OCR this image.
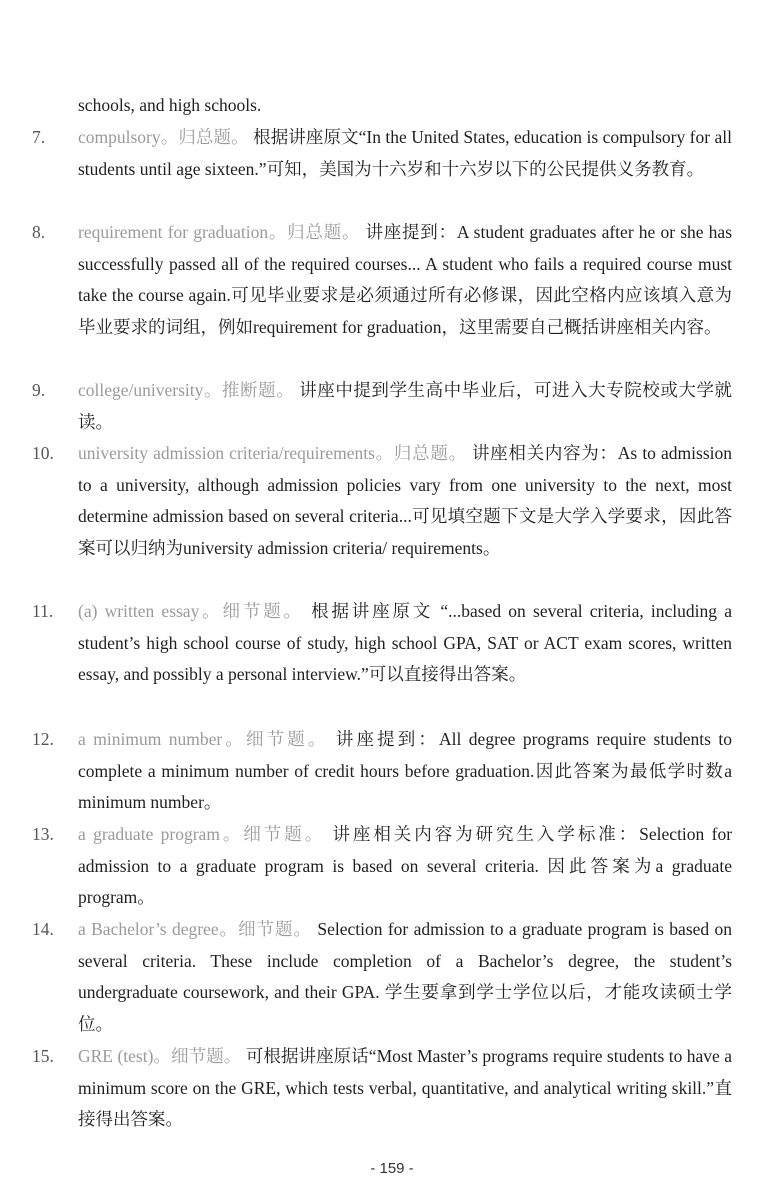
schools, and high schools.
7.	compulsory。归总题。 根据讲座原文“In the United States, education is compulsory for all students until age sixteen.”可知，美国为十六岁和十六岁以下的公民提供义务教育。
8.	requirement for graduation。归总题。 讲座提到：A student graduates after he or she has successfully passed all of the required courses... A student who fails a required course must take the course again.可见毕业要求是必须通过所有必修课，因此空格内应该填入意为毕业要求的词组，例如requirement for graduation，这里需要自己概括讲座相关内容。
9.	college/university。推断题。 讲座中提到学生高中毕业后，可进入大专院校或大学就读。
10.	university admission criteria/requirements。归总题。 讲座相关内容为：As to admission to a university, although admission policies vary from one university to the next, most determine admission based on several criteria...可见填空题下文是大学入学要求，因此答案可以归纳为university admission criteria/ requirements。
11.	(a) written essay。细节题。 根据讲座原文 “...based on several criteria, including a student’s high school course of study, high school GPA, SAT or ACT exam scores, written essay, and possibly a personal interview.”可以直接得出答案。
12.	a minimum number。细节题。 讲座提到：All degree programs require students to complete a minimum number of credit hours before graduation.因此答案为最低学时数a minimum number。
13.	a graduate program。细节题。 讲座相关内容为研究生入学标准：Selection for admission to a graduate program is based on several criteria. 因此答案为a graduate program。
14.	a Bachelor’s degree。细节题。 Selection for admission to a graduate program is based on several criteria. These include completion of a Bachelor’s degree, the student’s undergraduate coursework, and their GPA. 学生要拿到学士学位以后，才能攻读硕士学位。
15.	GRE (test)。细节题。 可根据讲座原话“Most Master’s programs require students to have a minimum score on the GRE, which tests verbal, quantitative, and analytical writing skill.”直接得出答案。
- 159 -
